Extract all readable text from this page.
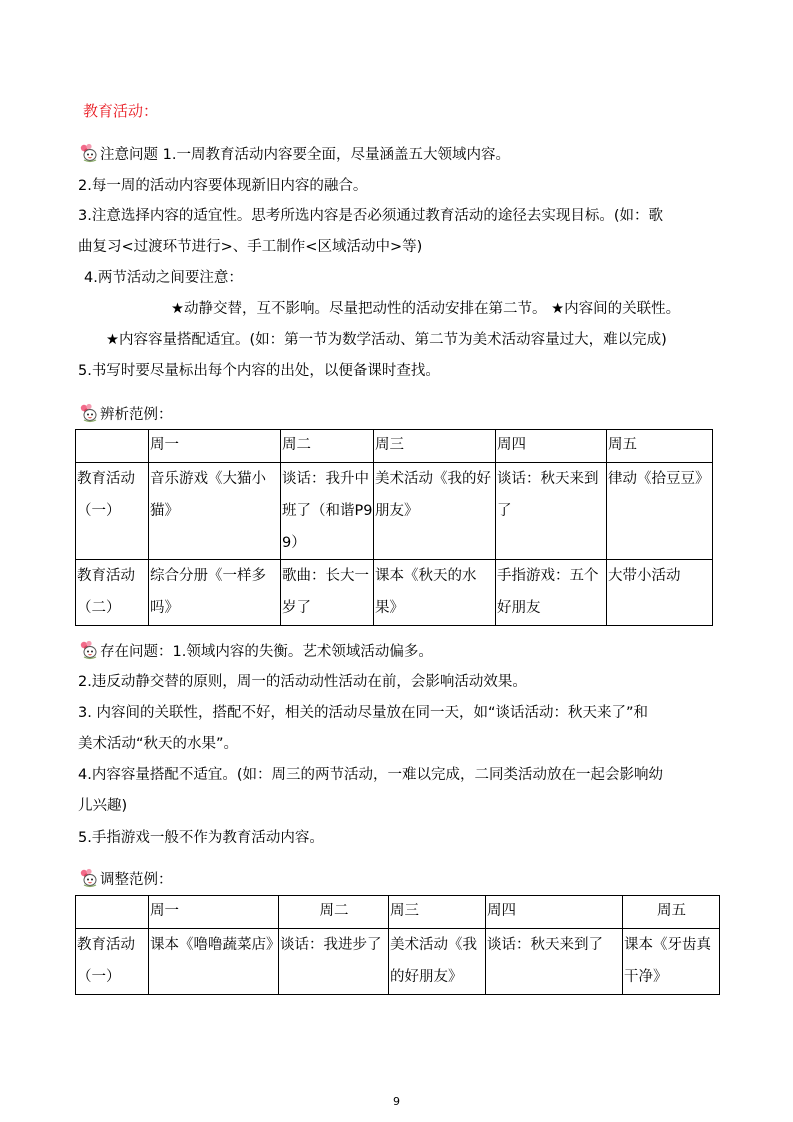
教育活动：
注意问题 1.一周教育活动内容要全面，尽量涵盖五大领域内容。
2.每一周的活动内容要体现新旧内容的融合。
3.注意选择内容的适宜性。思考所选内容是否必须通过教育活动的途径去实现目标。(如：歌
曲复习<过渡环节进行>、手工制作<区域活动中>等)
4.两节活动之间要注意：
★动静交替，互不影响。尽量把动性的活动安排在第二节。 ★内容间的关联性。
★内容容量搭配适宜。(如：第一节为数学活动、第二节为美术活动容量过大，难以完成)
5.书写时要尽量标出每个内容的出处，以便备课时查找。
辨析范例：
	周一	周二	周三	周四	周五
教育活动（一）	音乐游戏《大猫小猫》	谈话：我升中班了（和谐P99）	美术活动《我的好朋友》	谈话：秋天来到了	律动《拾豆豆》
教育活动（二）	综合分册《一样多吗》	歌曲：长大一岁了	课本《秋天的水果》	手指游戏：五个好朋友	大带小活动
存在问题：1.领域内容的失衡。艺术领域活动偏多。
2.违反动静交替的原则，周一的活动动性活动在前，会影响活动效果。
3. 内容间的关联性，搭配不好，相关的活动尽量放在同一天，如“谈话活动：秋天来了”和
美术活动“秋天的水果”。
4.内容容量搭配不适宜。(如：周三的两节活动，一难以完成，二同类活动放在一起会影响幼
儿兴趣)
5.手指游戏一般不作为教育活动内容。
调整范例：
	周一	周二	周三	周四	周五
教育活动（一）	课本《噜噜蔬菜店》	谈话：我进步了	美术活动《我的好朋友》	谈话：秋天来到了	课本《牙齿真干净》
9
